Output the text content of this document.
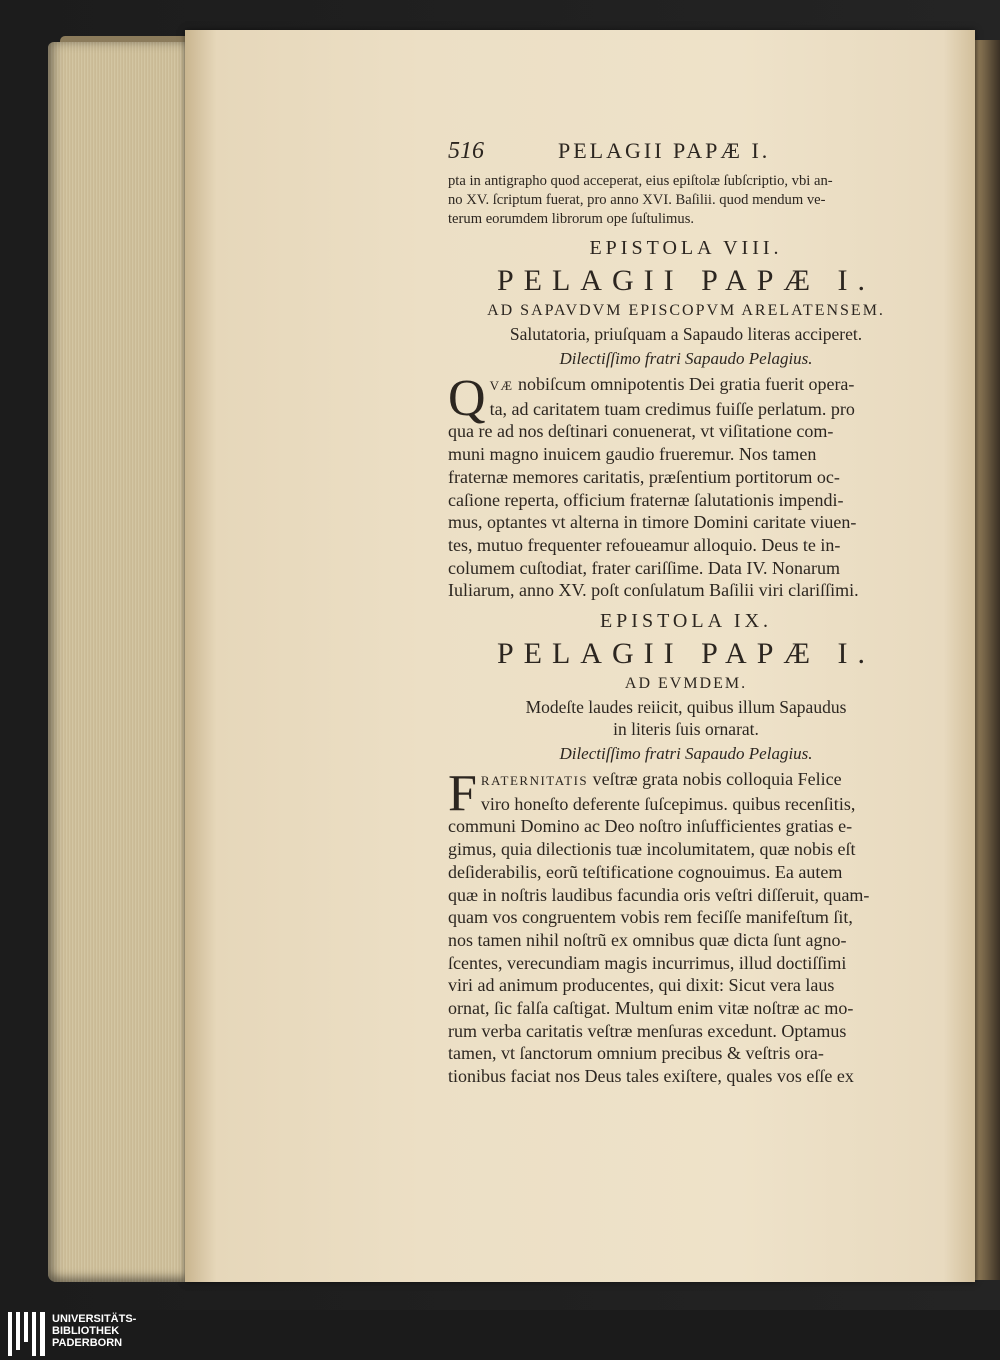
516	PELAGII PAPÆ I.

pta in antigrapho quod acceperat, eius epiſtolæ ſubſcriptio, vbi an-

no XV. ſcriptum fuerat, pro anno XVI. Baſilii. quod mendum ve-

terum eorumdem librorum ope ſuſtulimus.

EPISTOLA VIII.
PELAGII PAPÆ I.
AD SAPAVDVM EPISCOPVM ARELATENSEM.
Salutatoria, priuſquam a Sapaudo literas acciperet.
Dilectiſſimo fratri Sapaudo Pelagius.
Q VÆ nobiſcum omnipotentis Dei gratia fuerit opera-

ta, ad caritatem tuam credimus fuiſſe perlatum. pro

qua re ad nos deſtinari conuenerat, vt viſitatione com-

muni magno inuicem gaudio frueremur. Nos tamen

fraternæ memores caritatis, præſentium portitorum oc-

caſione reperta, officium fraternæ ſalutationis impendi-

mus, optantes vt alterna in timore Domini caritate viuen-

tes, mutuo frequenter refoueamur alloquio. Deus te in-

columem cuſtodiat, frater cariſſime. Data IV. Nonarum

Iuliarum, anno XV. poſt conſulatum Baſilii viri clariſſimi.

EPISTOLA IX.
PELAGII PAPÆ I.
AD EVMDEM.
Modeſte laudes reiicit, quibus illum Sapaudus
in literis ſuis ornarat.
Dilectiſſimo fratri Sapaudo Pelagius.
F RATERNITATIS veſtræ grata nobis colloquia Felice

viro honeſto deferente ſuſcepimus. quibus recenſitis,

communi Domino ac Deo noſtro inſufficientes gratias e-

gimus, quia dilectionis tuæ incolumitatem, quæ nobis eſt

deſiderabilis, eorũ teſtificatione cognouimus. Ea autem

quæ in noſtris laudibus facundia oris veſtri diſſeruit, quam-

quam vos congruentem vobis rem feciſſe manifeſtum ſit,

nos tamen nihil noſtrũ ex omnibus quæ dicta ſunt agno-

ſcentes, verecundiam magis incurrimus, illud doctiſſimi

viri ad animum producentes, qui dixit: Sicut vera laus

ornat, ſic falſa caſtigat. Multum enim vitæ noſtræ ac mo-

rum verba caritatis veſtræ menſuras excedunt. Optamus

tamen, vt ſanctorum omnium precibus & veſtris ora-

tionibus faciat nos Deus tales exiſtere, quales vos eſſe ex

UNIVERSITÄTS-
BIBLIOTHEK
PADERBORN
